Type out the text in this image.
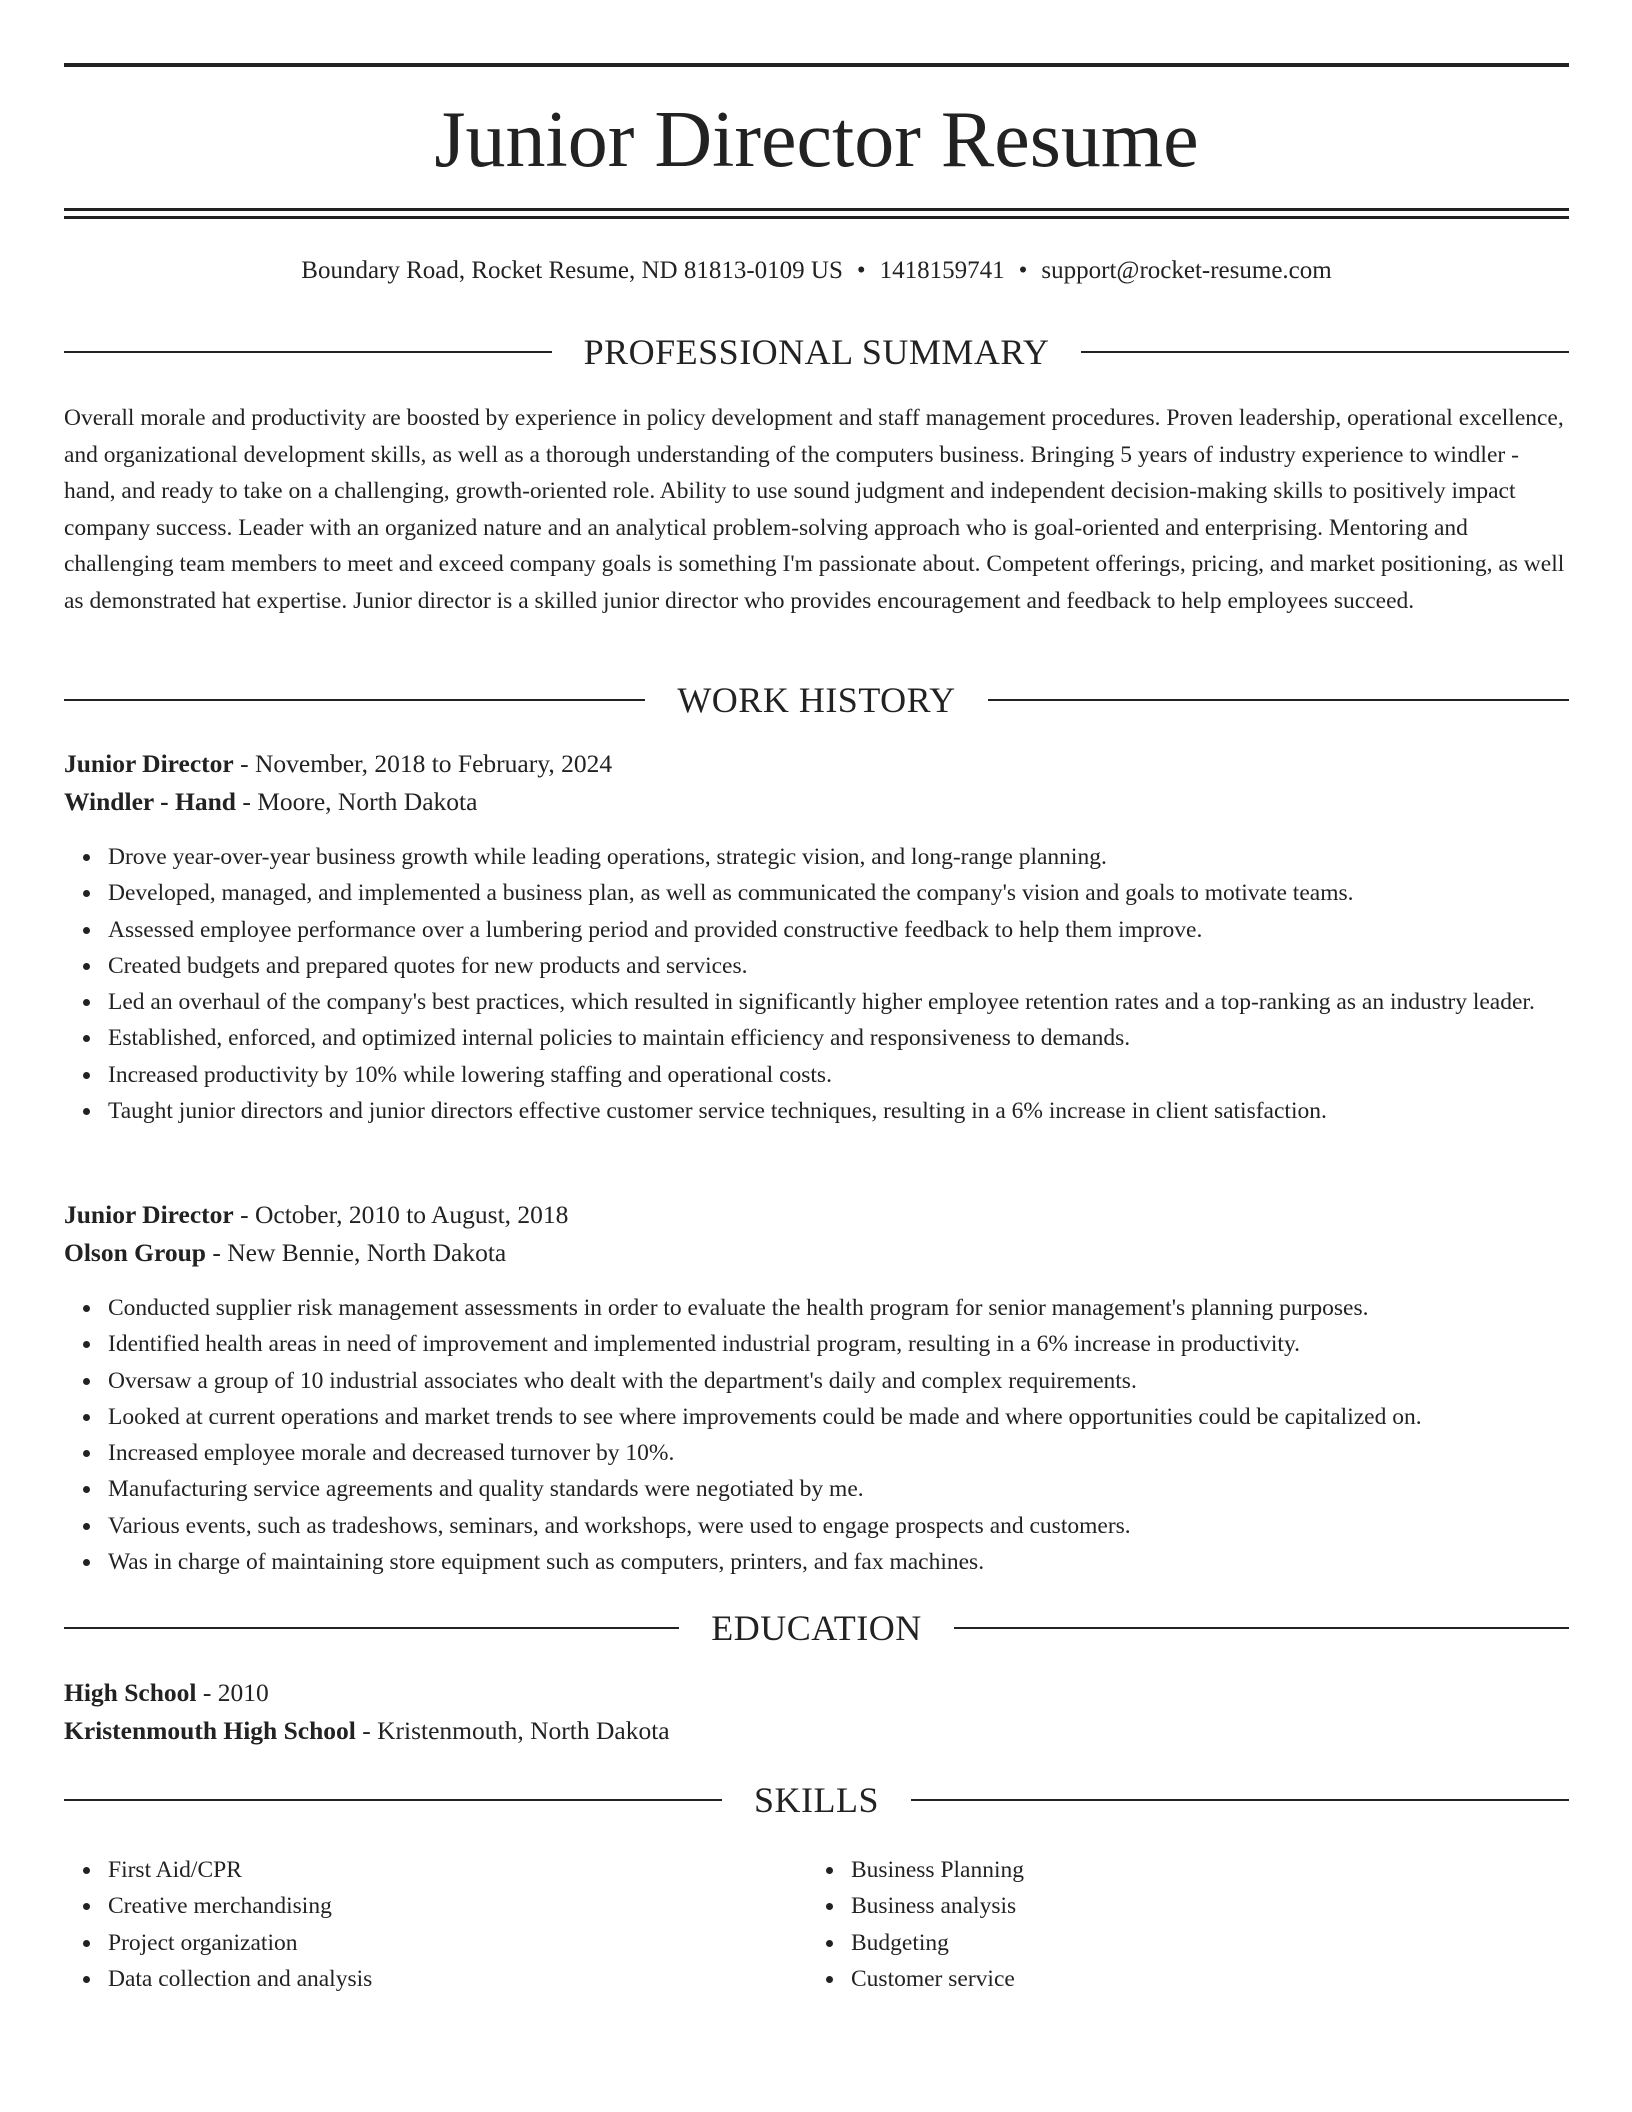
Junior Director Resume
Boundary Road, Rocket Resume, ND 81813-0109 US • 1418159741 • support@rocket-resume.com
PROFESSIONAL SUMMARY

Overall morale and productivity are boosted by experience in policy development and staff management procedures. Proven leadership, operational excellence, and organizational development skills, as well as a thorough understanding of the computers business. Bringing 5 years of industry experience to windler - hand, and ready to take on a challenging, growth-oriented role. Ability to use sound judgment and independent decision-making skills to positively impact company success. Leader with an organized nature and an analytical problem-solving approach who is goal-oriented and enterprising. Mentoring and challenging team members to meet and exceed company goals is something I'm passionate about. Competent offerings, pricing, and market positioning, as well as demonstrated hat expertise. Junior director is a skilled junior director who provides encouragement and feedback to help employees succeed.

WORK HISTORY
Junior Director - November, 2018 to February, 2024
Windler - Hand - Moore, North Dakota
Drove year-over-year business growth while leading operations, strategic vision, and long-range planning.
Developed, managed, and implemented a business plan, as well as communicated the company's vision and goals to motivate teams.
Assessed employee performance over a lumbering period and provided constructive feedback to help them improve.
Created budgets and prepared quotes for new products and services.
Led an overhaul of the company's best practices, which resulted in significantly higher employee retention rates and a top-ranking as an industry leader.
Established, enforced, and optimized internal policies to maintain efficiency and responsiveness to demands.
Increased productivity by 10% while lowering staffing and operational costs.
Taught junior directors and junior directors effective customer service techniques, resulting in a 6% increase in client satisfaction.
Junior Director - October, 2010 to August, 2018
Olson Group - New Bennie, North Dakota
Conducted supplier risk management assessments in order to evaluate the health program for senior management's planning purposes.
Identified health areas in need of improvement and implemented industrial program, resulting in a 6% increase in productivity.
Oversaw a group of 10 industrial associates who dealt with the department's daily and complex requirements.
Looked at current operations and market trends to see where improvements could be made and where opportunities could be capitalized on.
Increased employee morale and decreased turnover by 10%.
Manufacturing service agreements and quality standards were negotiated by me.
Various events, such as tradeshows, seminars, and workshops, were used to engage prospects and customers.
Was in charge of maintaining store equipment such as computers, printers, and fax machines.
EDUCATION
High School - 2010
Kristenmouth High School - Kristenmouth, North Dakota
SKILLS
First Aid/CPR
Creative merchandising
Project organization
Data collection and analysis
Business Planning
Business analysis
Budgeting
Customer service
